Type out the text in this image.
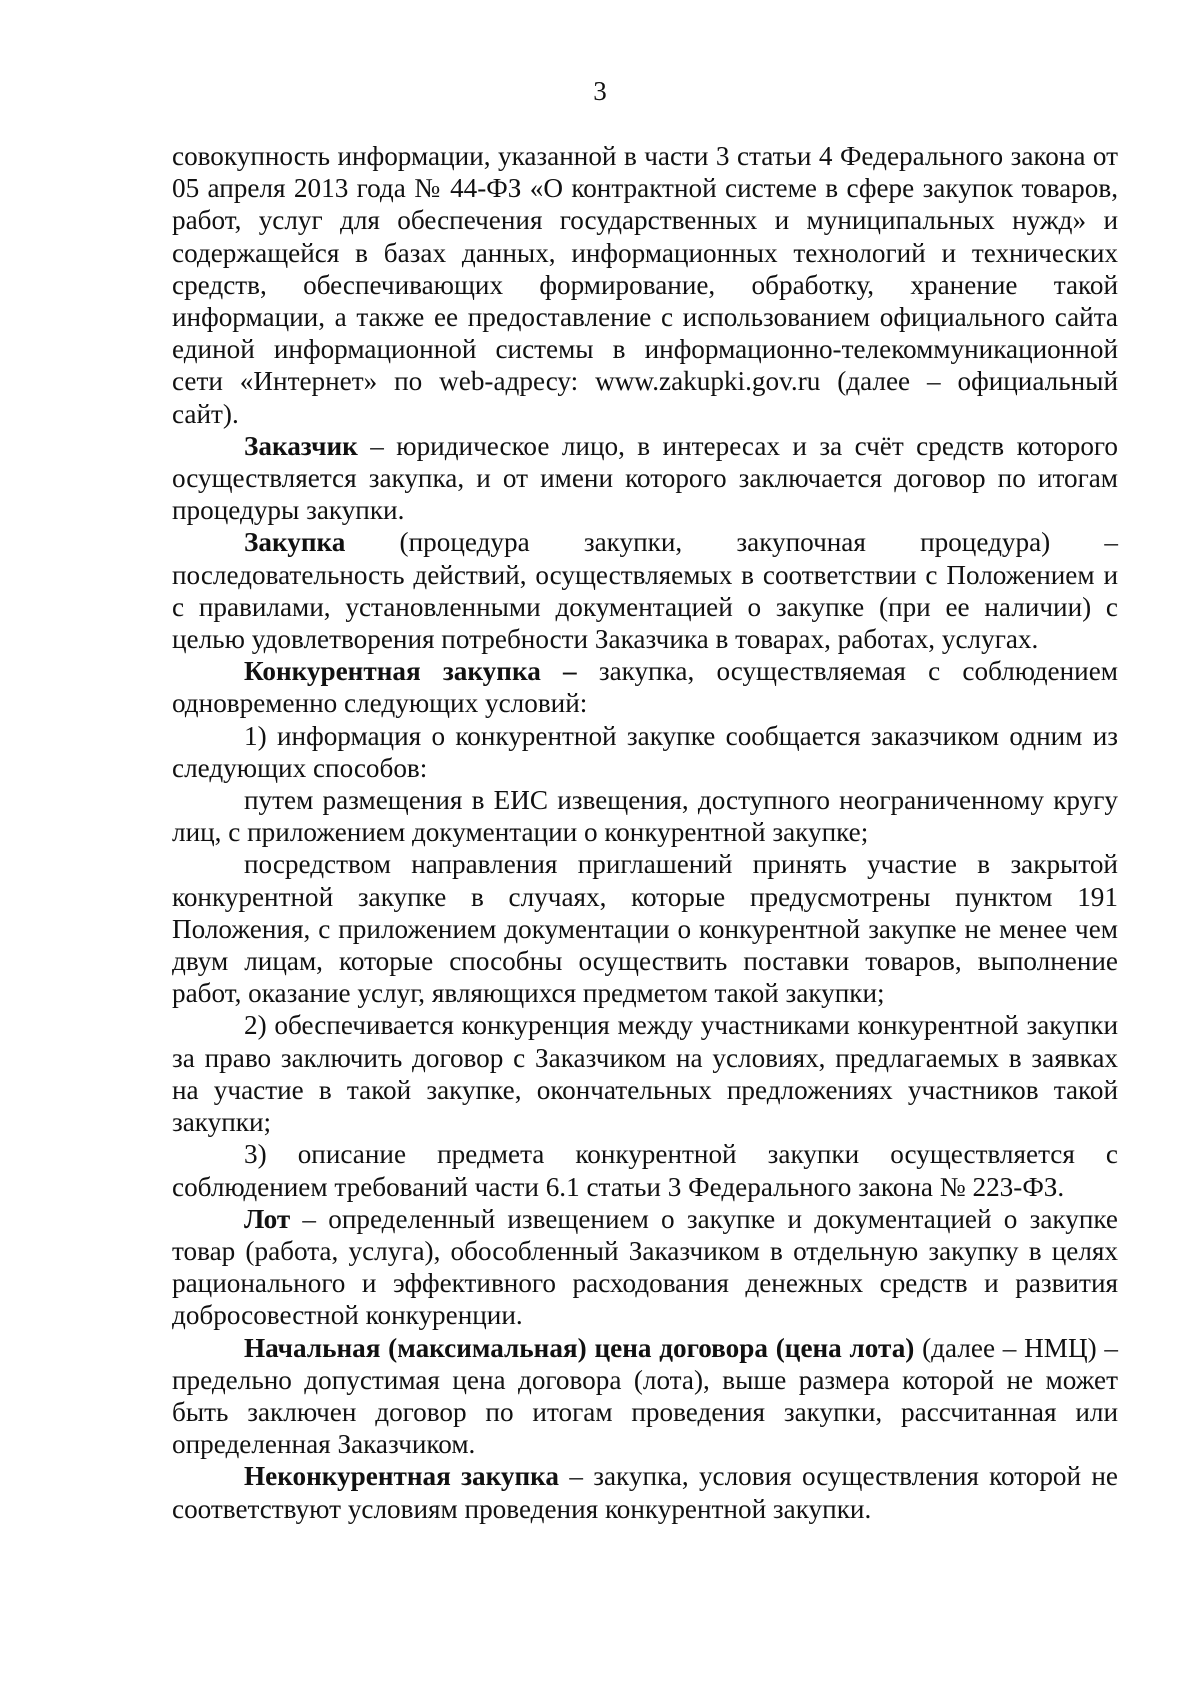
3

совокупность информации, указанной в части 3 статьи 4 Федерального закона от 05 апреля 2013 года № 44-ФЗ «О контрактной системе в сфере закупок товаров, работ, услуг для обеспечения государственных и муниципальных нужд» и содержащейся в базах данных, информационных технологий и технических средств, обеспечивающих формирование, обработку, хранение такой информации, а также ее предоставление с использованием официального сайта единой информационной системы в информационно-телекоммуникационной сети «Интернет» по web-адресу: www.zakupki.gov.ru (далее – официальный сайт).

Заказчик – юридическое лицо, в интересах и за счёт средств которого осуществляется закупка, и от имени которого заключается договор по итогам процедуры закупки.

Закупка (процедура закупки, закупочная процедура) – последовательность действий, осуществляемых в соответствии с Положением и с правилами, установленными документацией о закупке (при ее наличии) с целью удовлетворения потребности Заказчика в товарах, работах, услугах.

Конкурентная закупка – закупка, осуществляемая с соблюдением одновременно следующих условий:

1) информация о конкурентной закупке сообщается заказчиком одним из следующих способов:

путем размещения в ЕИС извещения, доступного неограниченному кругу лиц, с приложением документации о конкурентной закупке;

посредством направления приглашений принять участие в закрытой конкурентной закупке в случаях, которые предусмотрены пунктом 191 Положения, с приложением документации о конкурентной закупке не менее чем двум лицам, которые способны осуществить поставки товаров, выполнение работ, оказание услуг, являющихся предметом такой закупки;

2) обеспечивается конкуренция между участниками конкурентной закупки за право заключить договор с Заказчиком на условиях, предлагаемых в заявках на участие в такой закупке, окончательных предложениях участников такой закупки;

3) описание предмета конкурентной закупки осуществляется с соблюдением требований части 6.1 статьи 3 Федерального закона № 223-ФЗ.

Лот – определенный извещением о закупке и документацией о закупке товар (работа, услуга), обособленный Заказчиком в отдельную закупку в целях рационального и эффективного расходования денежных средств и развития добросовестной конкуренции.

Начальная (максимальная) цена договора (цена лота) (далее – НМЦ) – предельно допустимая цена договора (лота), выше размера которой не может быть заключен договор по итогам проведения закупки, рассчитанная или определенная Заказчиком.

Неконкурентная закупка – закупка, условия осуществления которой не соответствуют условиям проведения конкурентной закупки.
